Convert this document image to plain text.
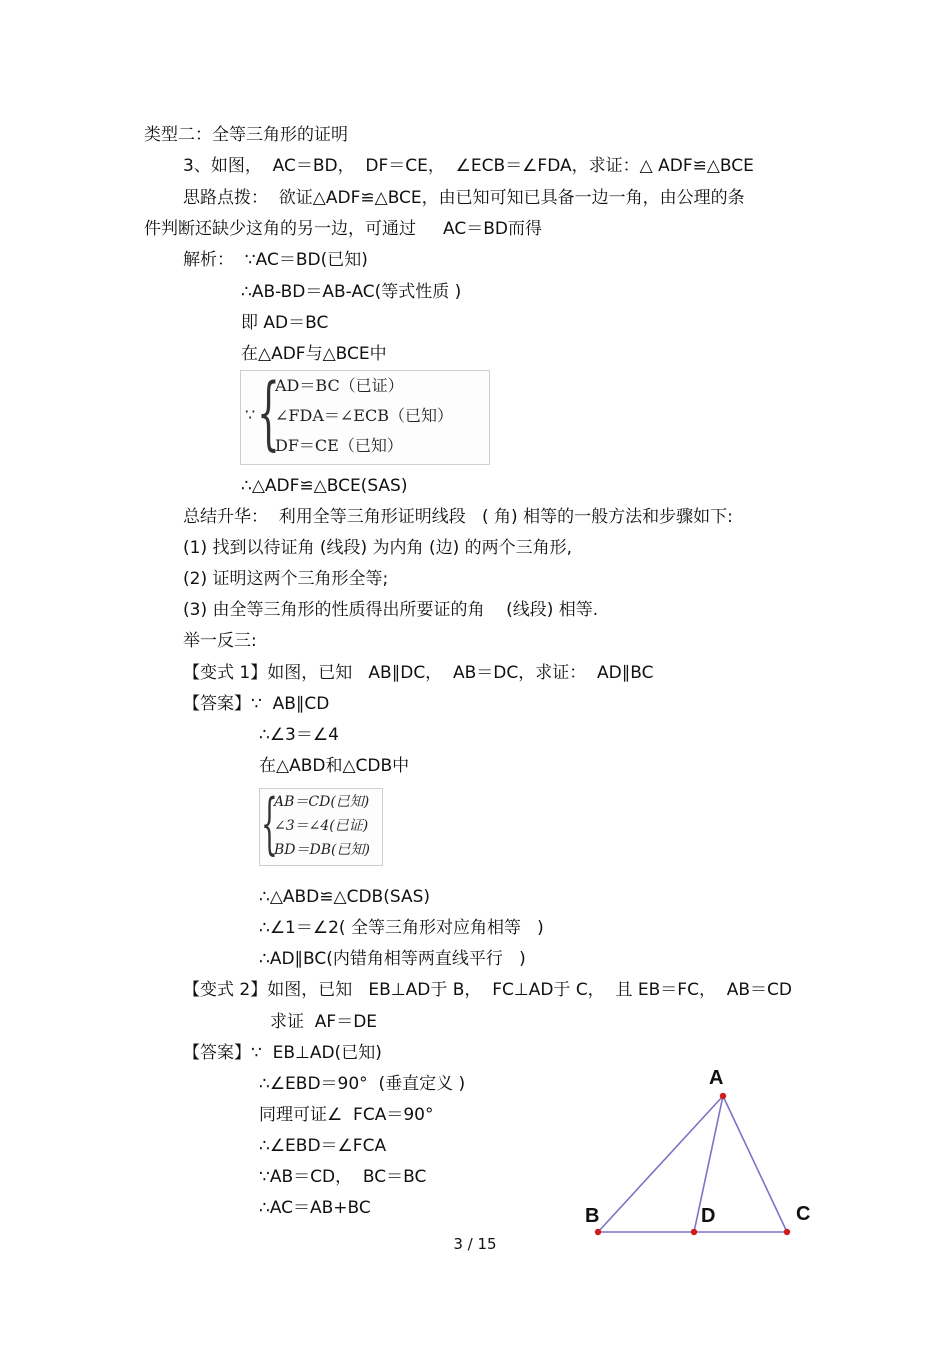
类型二：全等三角形的证明
3、如图，  AC＝BD，  DF＝CE，  ∠ECB＝∠FDA，求证：△ ADF≌△BCE
思路点拨：  欲证△ADF≌△BCE，由已知可知已具备一边一角，由公理的条
件判断还缺少这角的另一边，可通过     AC＝BD而得
解析：  ∵AC＝BD(已知)
∴AB-BD＝AB-AC(等式性质 )
即 AD＝BC
在△ADF与△BCE中
∵ {
AD＝BC（已证）
∠FDA＝∠ECB（已知）
DF＝CE（已知）
∴△ADF≌△BCE(SAS)
总结升华：  利用全等三角形证明线段   ( 角) 相等的一般方法和步骤如下:
(1) 找到以待证角 (线段) 为内角 (边) 的两个三角形,
(2) 证明这两个三角形全等;
(3) 由全等三角形的性质得出所要证的角    (线段) 相等.
举一反三:
【变式 1】如图，已知   AB∥DC，  AB＝DC，求证：  AD∥BC
【答案】∵  AB∥CD
∴∠3＝∠4
在△ABD和△CDB中
{
AB＝CD(已知)
∠3＝∠4(已证)
BD＝DB(已知)
∴△ABD≌△CDB(SAS)
∴∠1＝∠2( 全等三角形对应角相等   )
∴AD∥BC(内错角相等两直线平行   )
【变式 2】如图，已知   EB⊥AD于 B，  FC⊥AD于 C，  且 EB＝FC，  AB＝CD
求证  AF＝DE
【答案】∵  EB⊥AD(已知)
∴∠EBD＝90°  (垂直定义 )
同理可证∠  FCA＝90°
∴∠EBD＝∠FCA
∵AB＝CD，  BC＝BC
∴AC＝AB+BC
A
B	D	C
3 / 15
